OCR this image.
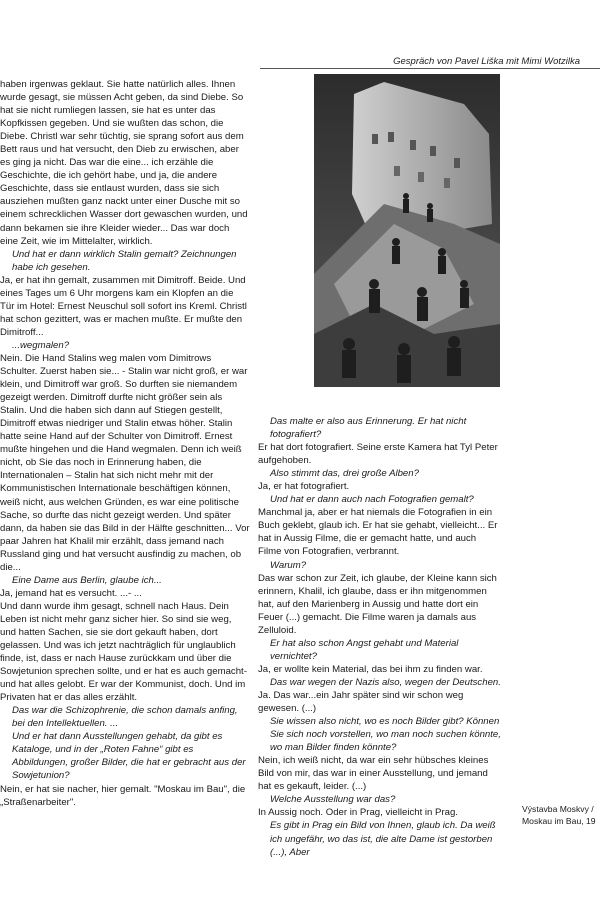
Gespräch von Pavel Liška mit Mimi Wotzilka

haben irgenwas geklaut. Sie hatte natürlich alles. Ihnen wurde gesagt, sie müssen Acht geben, da sind Diebe. So hat sie nicht rumliegen lassen, sie hat es unter das Kopfkissen gegeben. Und sie wußten das schon, die Diebe. Christl war sehr tüchtig, sie sprang sofort aus dem Bett raus und hat versucht, den Dieb zu erwischen, aber es ging ja nicht. Das war die eine... ich erzähle die Geschichte, die ich gehört habe, und ja, die andere Geschichte, dass sie entlaust wurden, dass sie sich ausziehen mußten ganz nackt unter einer Dusche mit so einem schrecklichen Wasser dort gewaschen wurden, und dann bekamen sie ihre Kleider wieder... Das war doch eine Zeit, wie im Mittelalter, wirklich.

Und hat er dann wirklich Stalin gemalt? Zeichnungen habe ich gesehen.

Ja, er hat ihn gemalt, zusammen mit Dimitroff. Beide. Und eines Tages um 6 Uhr morgens kam ein Klopfen an die Tür im Hotel: Ernest Neuschul soll sofort ins Kreml. Christl hat schon gezittert, was er machen mußte. Er mußte den Dimitroff...

...wegmalen?

Nein. Die Hand Stalins weg malen vom Dimitrows Schulter. Zuerst haben sie... - Stalin war nicht groß, er war klein, und Dimitroff war groß. So durften sie niemandem gezeigt werden. Dimitroff durfte nicht größer sein als Stalin. Und die haben sich dann auf Stiegen gestellt, Dimitroff etwas niedriger und Stalin etwas höher. Stalin hatte seine Hand auf der Schulter von Dimitroff. Ernest mußte hingehen und die Hand wegmalen. Denn ich weiß nicht, ob Sie das noch in Erinnerung haben, die Internationalen – Stalin hat sich nicht mehr mit der Kommunistischen Internationale beschäftigen können, weiß nicht, aus welchen Gründen, es war eine politische Sache, so durfte das nicht gezeigt werden. Und später dann, da haben sie das Bild in der Hälfte geschnitten... Vor paar Jahren hat Khalil mir erzählt, dass jemand nach Russland ging und hat versucht ausfindig zu machen, ob die...

Eine Dame aus Berlin, glaube ich...

Ja, jemand hat es versucht. ...- ...

Und dann wurde ihm gesagt, schnell nach Haus. Dein Leben ist nicht mehr ganz sicher hier. So sind sie weg, und hatten Sachen, sie sie dort gekauft haben, dort gelassen. Und was ich jetzt nachträglich für unglaublich finde, ist, dass er nach Hause zurückkam und über die Sowjetunion sprechen sollte, und er hat es auch gemacht- und hat alles gelobt. Er war der Kommunist, doch. Und im Privaten hat er das alles erzählt.

Das war die Schizophrenie, die schon damals anfing, bei den Intellektuellen. ...

Und er hat dann Ausstellungen gehabt, da gibt es Kataloge, und in der „Roten Fahne“ gibt es Abbildungen, großer Bilder, die hat er gebracht aus der Sowjetunion?

Nein, er hat sie nacher, hier gemalt. "Moskau im Bau", die „Straßenarbeiter".

Das malte er also aus Erinnerung. Er hat nicht fotografiert?

Er hat dort fotografiert. Seine erste Kamera hat Tyl Peter aufgehoben.

Also stimmt das, drei große Alben?

Ja, er hat fotografiert.

Und hat er dann auch nach Fotografien gemalt?

Manchmal ja, aber er hat niemals die Fotografien in ein Buch geklebt, glaub ich. Er hat sie gehabt, vielleicht... Er hat in Aussig Filme, die er gemacht hatte, und auch Filme von Fotografien, verbrannt.

Warum?

Das war schon zur Zeit, ich glaube, der Kleine kann sich erinnern, Khalil, ich glaube, dass er ihn mitgenommen hat, auf den Marienberg in Aussig und hatte dort ein Feuer (...) gemacht. Die Filme waren ja damals aus Zelluloid.

Er hat also schon Angst gehabt und Material vernichtet?

Ja, er wollte kein Material, das bei ihm zu finden war.

Das war wegen der Nazis also, wegen der Deutschen.

Ja. Das war...ein Jahr später sind wir schon weg gewesen. (...)

Sie wissen also nicht, wo es noch Bilder gibt? Können Sie sich noch vorstellen, wo man noch suchen könnte, wo man Bilder finden könnte?

Nein, ich weiß nicht, da war ein sehr hübsches kleines Bild von mir, das war in einer Ausstellung, und jemand hat es gekauft, leider. (...)

Welche Ausstellung war das?

In Aussig noch. Oder in Prag, vielleicht in Prag.

Es gibt in Prag ein Bild von Ihnen, glaub ich. Da weiß ich ungefähr, wo das ist, die alte Dame ist gestorben (...), Aber

Výstavba Moskvy /
Moskau im Bau, 19
